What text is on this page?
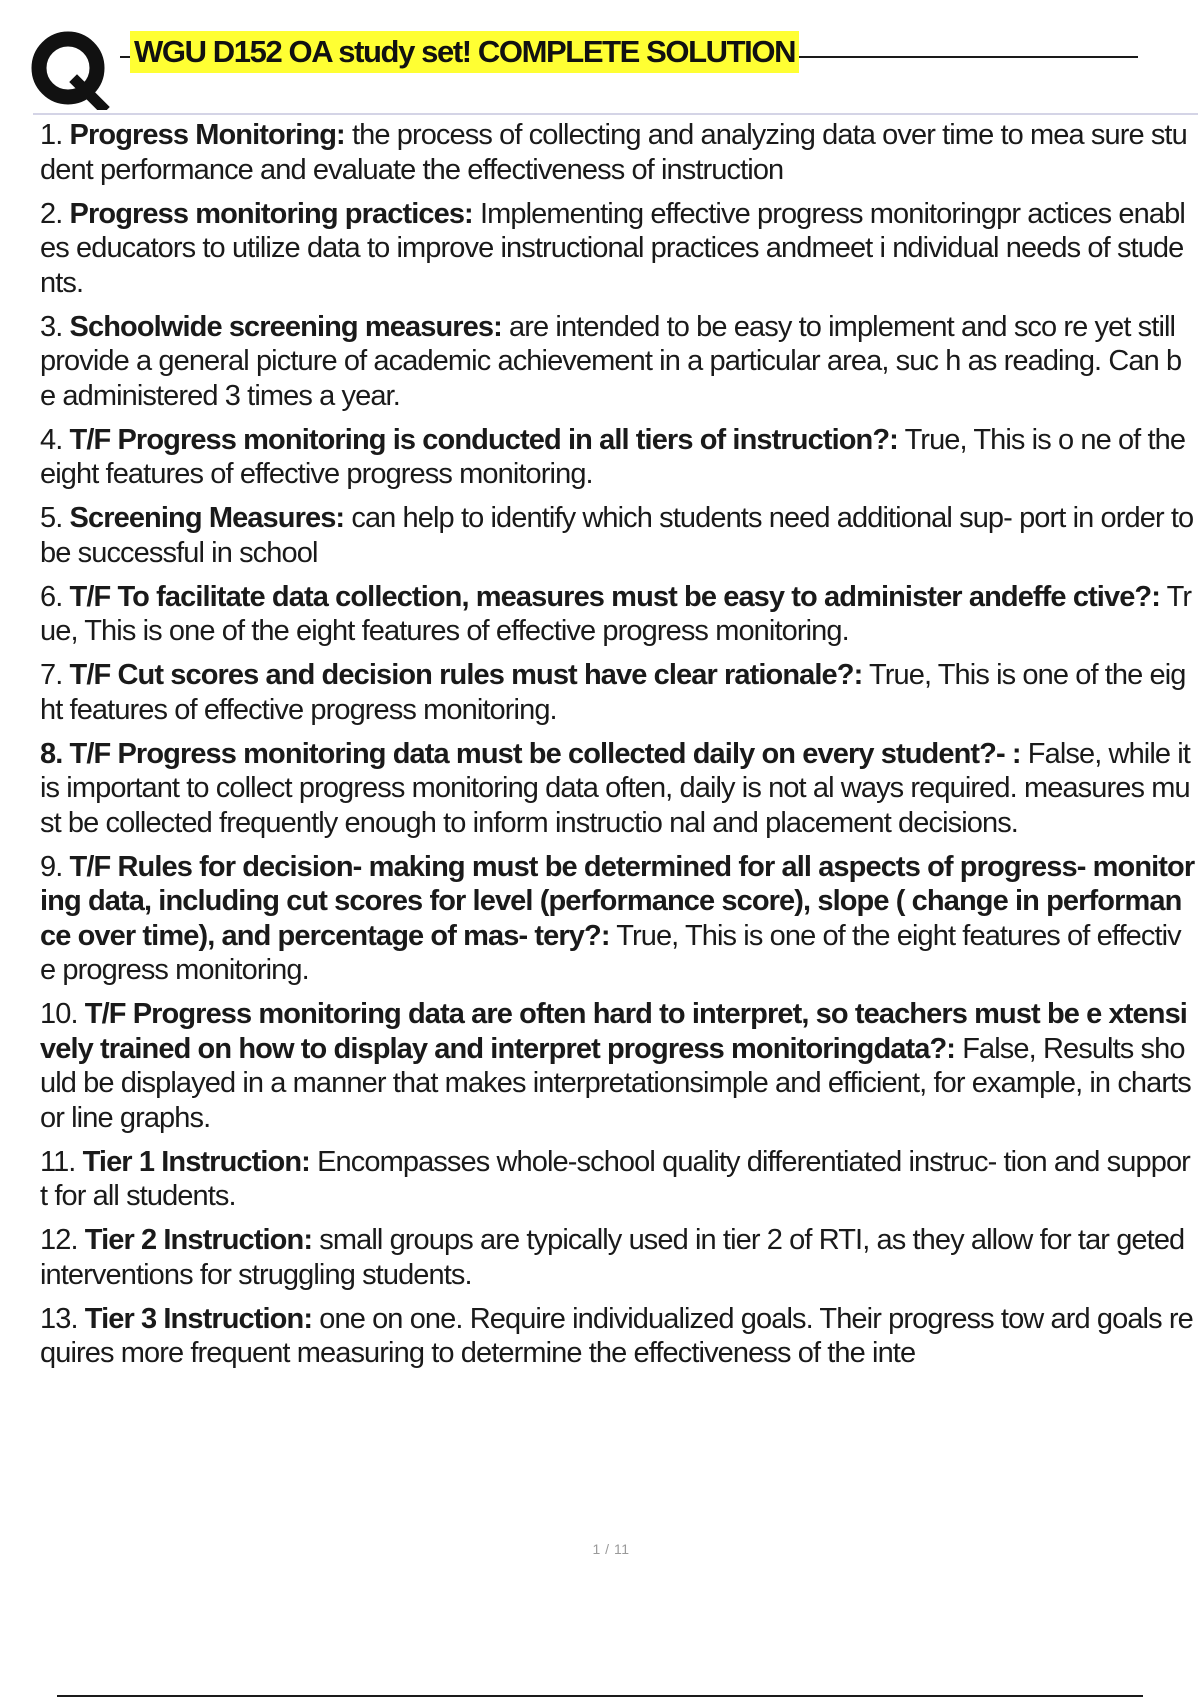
WGU D152 OA study set! COMPLETE SOLUTION

1. Progress Monitoring: the process of collecting and analyzing data over time to mea sure student performance and evaluate the effectiveness of instruction

2. Progress monitoring practices: Implementing effective progress monitoringpr actices enables educators to utilize data to improve instructional practices andmeet i ndividual needs of students.

3. Schoolwide screening measures: are intended to be easy to implement and sco re yet still provide a general picture of academic achievement in a particular area, suc h as reading. Can be administered 3 times a year.

4. T/F Progress monitoring is conducted in all tiers of instruction?: True, This is o ne of the eight features of effective progress monitoring.

5. Screening Measures: can help to identify which students need additional sup- port in order to be successful in school

6. T/F To facilitate data collection, measures must be easy to administer andeffe ctive?: True, This is one of the eight features of effective progress monitoring.

7. T/F Cut scores and decision rules must have clear rationale?: True, This is one of the eight features of effective progress monitoring.

8. T/F Progress monitoring data must be collected daily on every student?- : False, while it is important to collect progress monitoring data often, daily is not al ways required. measures must be collected frequently enough to inform instructio nal and placement decisions.

9. T/F Rules for decision- making must be determined for all aspects of progress- monitoring data, including cut scores for level (performance score), slope ( change in performance over time), and percentage of mas- tery?: True, This is one of the eight features of effective progress monitoring.

10. T/F Progress monitoring data are often hard to interpret, so teachers must be e xtensively trained on how to display and interpret progress monitoringdata?: False, Results should be displayed in a manner that makes interpretationsimple and efficient, for example, in charts or line graphs.

11. Tier 1 Instruction: Encompasses whole-school quality differentiated instruc- tion and support for all students.

12. Tier 2 Instruction: small groups are typically used in tier 2 of RTI, as they allow for tar geted interventions for struggling students.

13. Tier 3 Instruction: one on one. Require individualized goals. Their progress tow ard goals requires more frequent measuring to determine the effectiveness of the inte

1 / 11
